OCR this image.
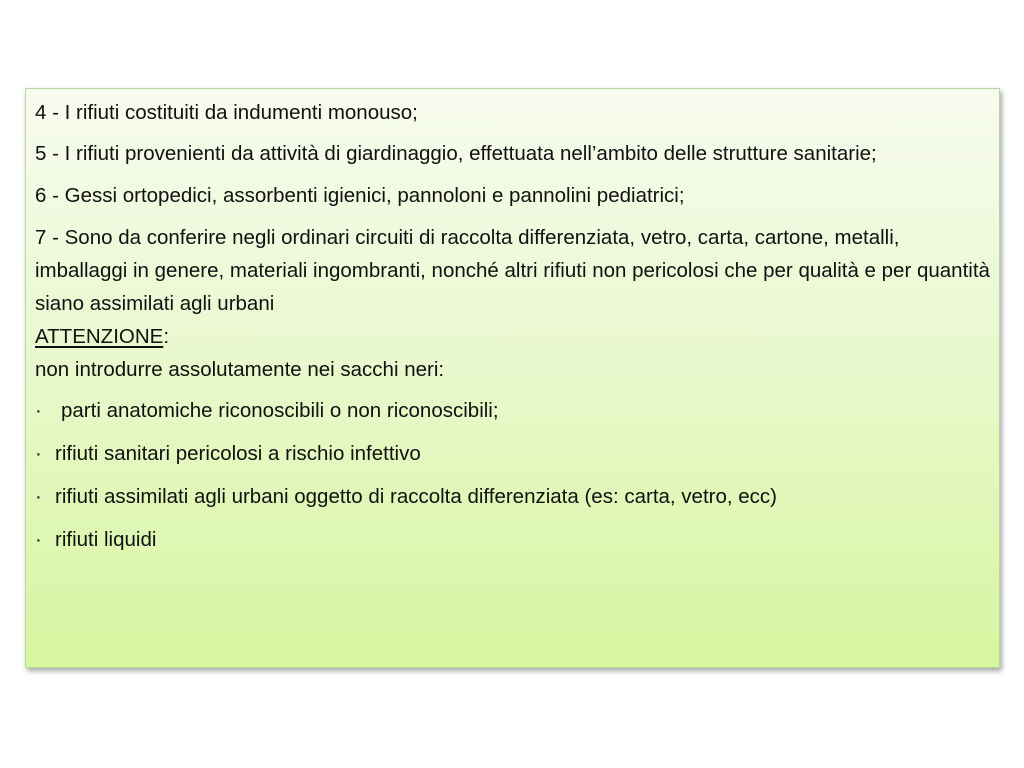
4 - I rifiuti costituiti da indumenti monouso;

5 - I rifiuti provenienti da attività di giardinaggio, effettuata nell’ambito delle strutture sanitarie;

6 - Gessi ortopedici, assorbenti igienici, pannoloni e pannolini pediatrici;

7 - Sono da conferire negli ordinari circuiti di raccolta differenziata, vetro, carta, cartone, metalli, imballaggi in genere, materiali ingombranti, nonché altri rifiuti non pericolosi che per qualità e per quantità siano assimilati agli urbani

ATTENZIONE:

non introdurre assolutamente nei sacchi neri:

· parti anatomiche riconoscibili o non riconoscibili;
· rifiuti sanitari pericolosi a rischio infettivo
· rifiuti assimilati agli urbani oggetto di raccolta differenziata (es: carta, vetro, ecc)
· rifiuti liquidi
